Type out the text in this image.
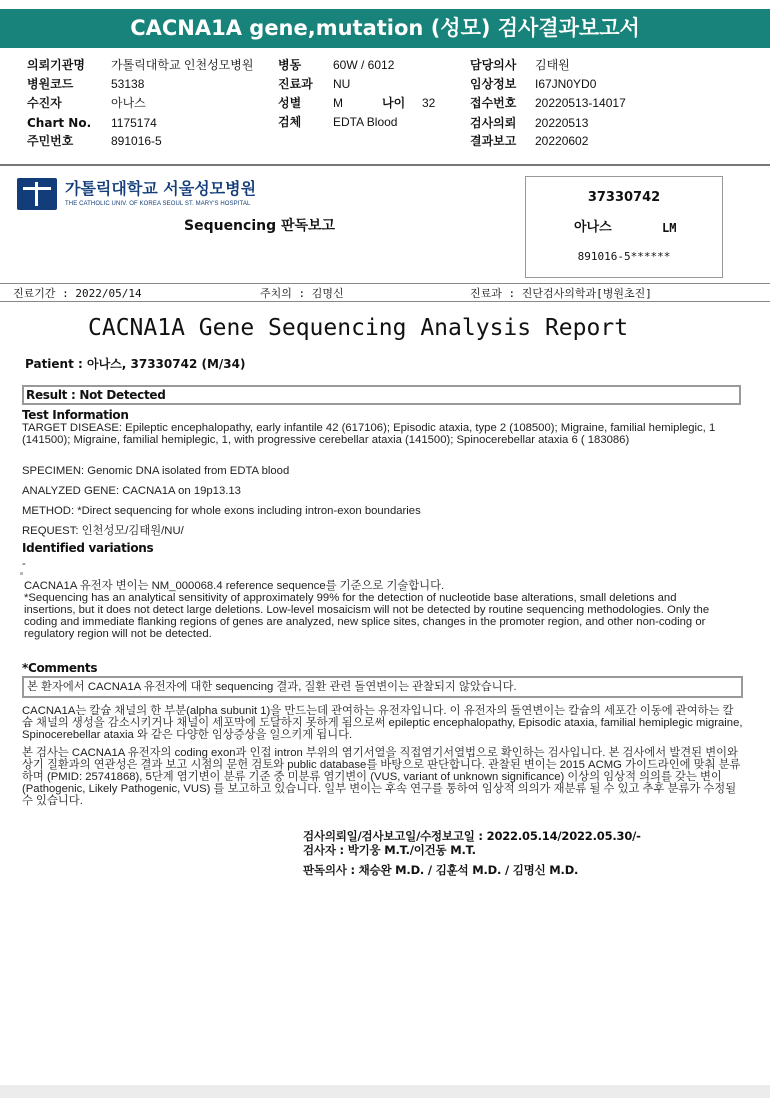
CACNA1A gene,mutation (성모) 검사결과보고서
의뢰기관명 가톨릭대학교 인천성모병원
병원코드	53138
수진자	아나스
Chart No. 1175174
주민번호	891016-5
병동	60W / 6012
진료과 NU
성별	M	나이 32
검체	EDTA Blood
담당의사 김태원
임상정보 I67JN0YD0
접수번호 20220513-14017
검사의뢰 20220513
결과보고 20220602
가톨릭대학교 서울성모병원
THE CATHOLIC UNIV. OF KOREA SEOUL ST. MARY'S HOSPITAL
Sequencing 판독보고
37330742
아나스	LM
891016-5******
진료기간 : 2022/05/14	주치의 : 김명신	진료과 : 진단검사의학과[병원초진]
CACNA1A Gene Sequencing Analysis Report
Patient : 아나스, 37330742 (M/34)
Result : Not Detected
Test Information
TARGET DISEASE: Epileptic encephalopathy, early infantile 42 (617106); Episodic ataxia, type 2 (108500); Migraine, familial hemiplegic, 1 (141500); Migraine, familial hemiplegic, 1, with progressive cerebellar ataxia (141500); Spinocerebellar ataxia 6 ( 183086)
SPECIMEN: Genomic DNA isolated from EDTA blood
ANALYZED GENE: CACNA1A on 19p13.13
METHOD: *Direct sequencing for whole exons including intron-exon boundaries
REQUEST: 인천성모/김태원/NU/
Identified variations
-
CACNA1A 유전자 변이는 NM_000068.4 reference sequence를 기준으로 기술합니다.
*Sequencing has an analytical sensitivity of approximately 99% for the detection of nucleotide base alterations, small deletions and insertions, but it does not detect large deletions. Low-level mosaicism will not be detected by routine sequencing methodologies. Only the coding and immediate flanking regions of genes are analyzed, new splice sites, changes in the promoter region, and other non-coding or regulatory region will not be detected.
*Comments
본 환자에서 CACNA1A 유전자에 대한 sequencing 결과, 질환 관련 돌연변이는 관찰되지 않았습니다.
CACNA1A는 칼슘 채널의 한 부분(alpha subunit 1)을 만드는데 관여하는 유전자입니다. 이 유전자의 돌연변이는 칼슘의 세포간 이동에 관여하는 칼슘 채널의 생성을 감소시키거나 채널이 세포막에 도달하지 못하게 됨으로써 epileptic encephalopathy, Episodic ataxia, familial hemiplegic migraine, Spinocerebellar ataxia 와 같은 다양한 임상증상을 일으키게 됩니다.
본 검사는 CACNA1A 유전자의 coding exon과 인접 intron 부위의 염기서열을 직접염기서열법으로 확인하는 검사입니다. 본 검사에서 발견된 변이와 상기 질환과의 연관성은 결과 보고 시점의 문헌 검토와 public database를 바탕으로 판단합니다. 관찰된 변이는 2015 ACMG 가이드라인에 맞춰 분류하며 (PMID: 25741868), 5단계 염기변이 분류 기준 중 미분류 염기변이 (VUS, variant of unknown significance) 이상의 임상적 의의를 갖는 변이 (Pathogenic, Likely Pathogenic, VUS) 를 보고하고 있습니다. 일부 변이는 후속 연구를 통하여 임상적 의의가 재분류 될 수 있고 추후 분류가 수정될 수 있습니다.
검사의뢰일/검사보고일/수정보고일 : 2022.05.14/2022.05.30/-
검사자 : 박기웅 M.T./이건동 M.T.
판독의사 : 채승완 M.D. / 김훈석 M.D. / 김명신 M.D.
